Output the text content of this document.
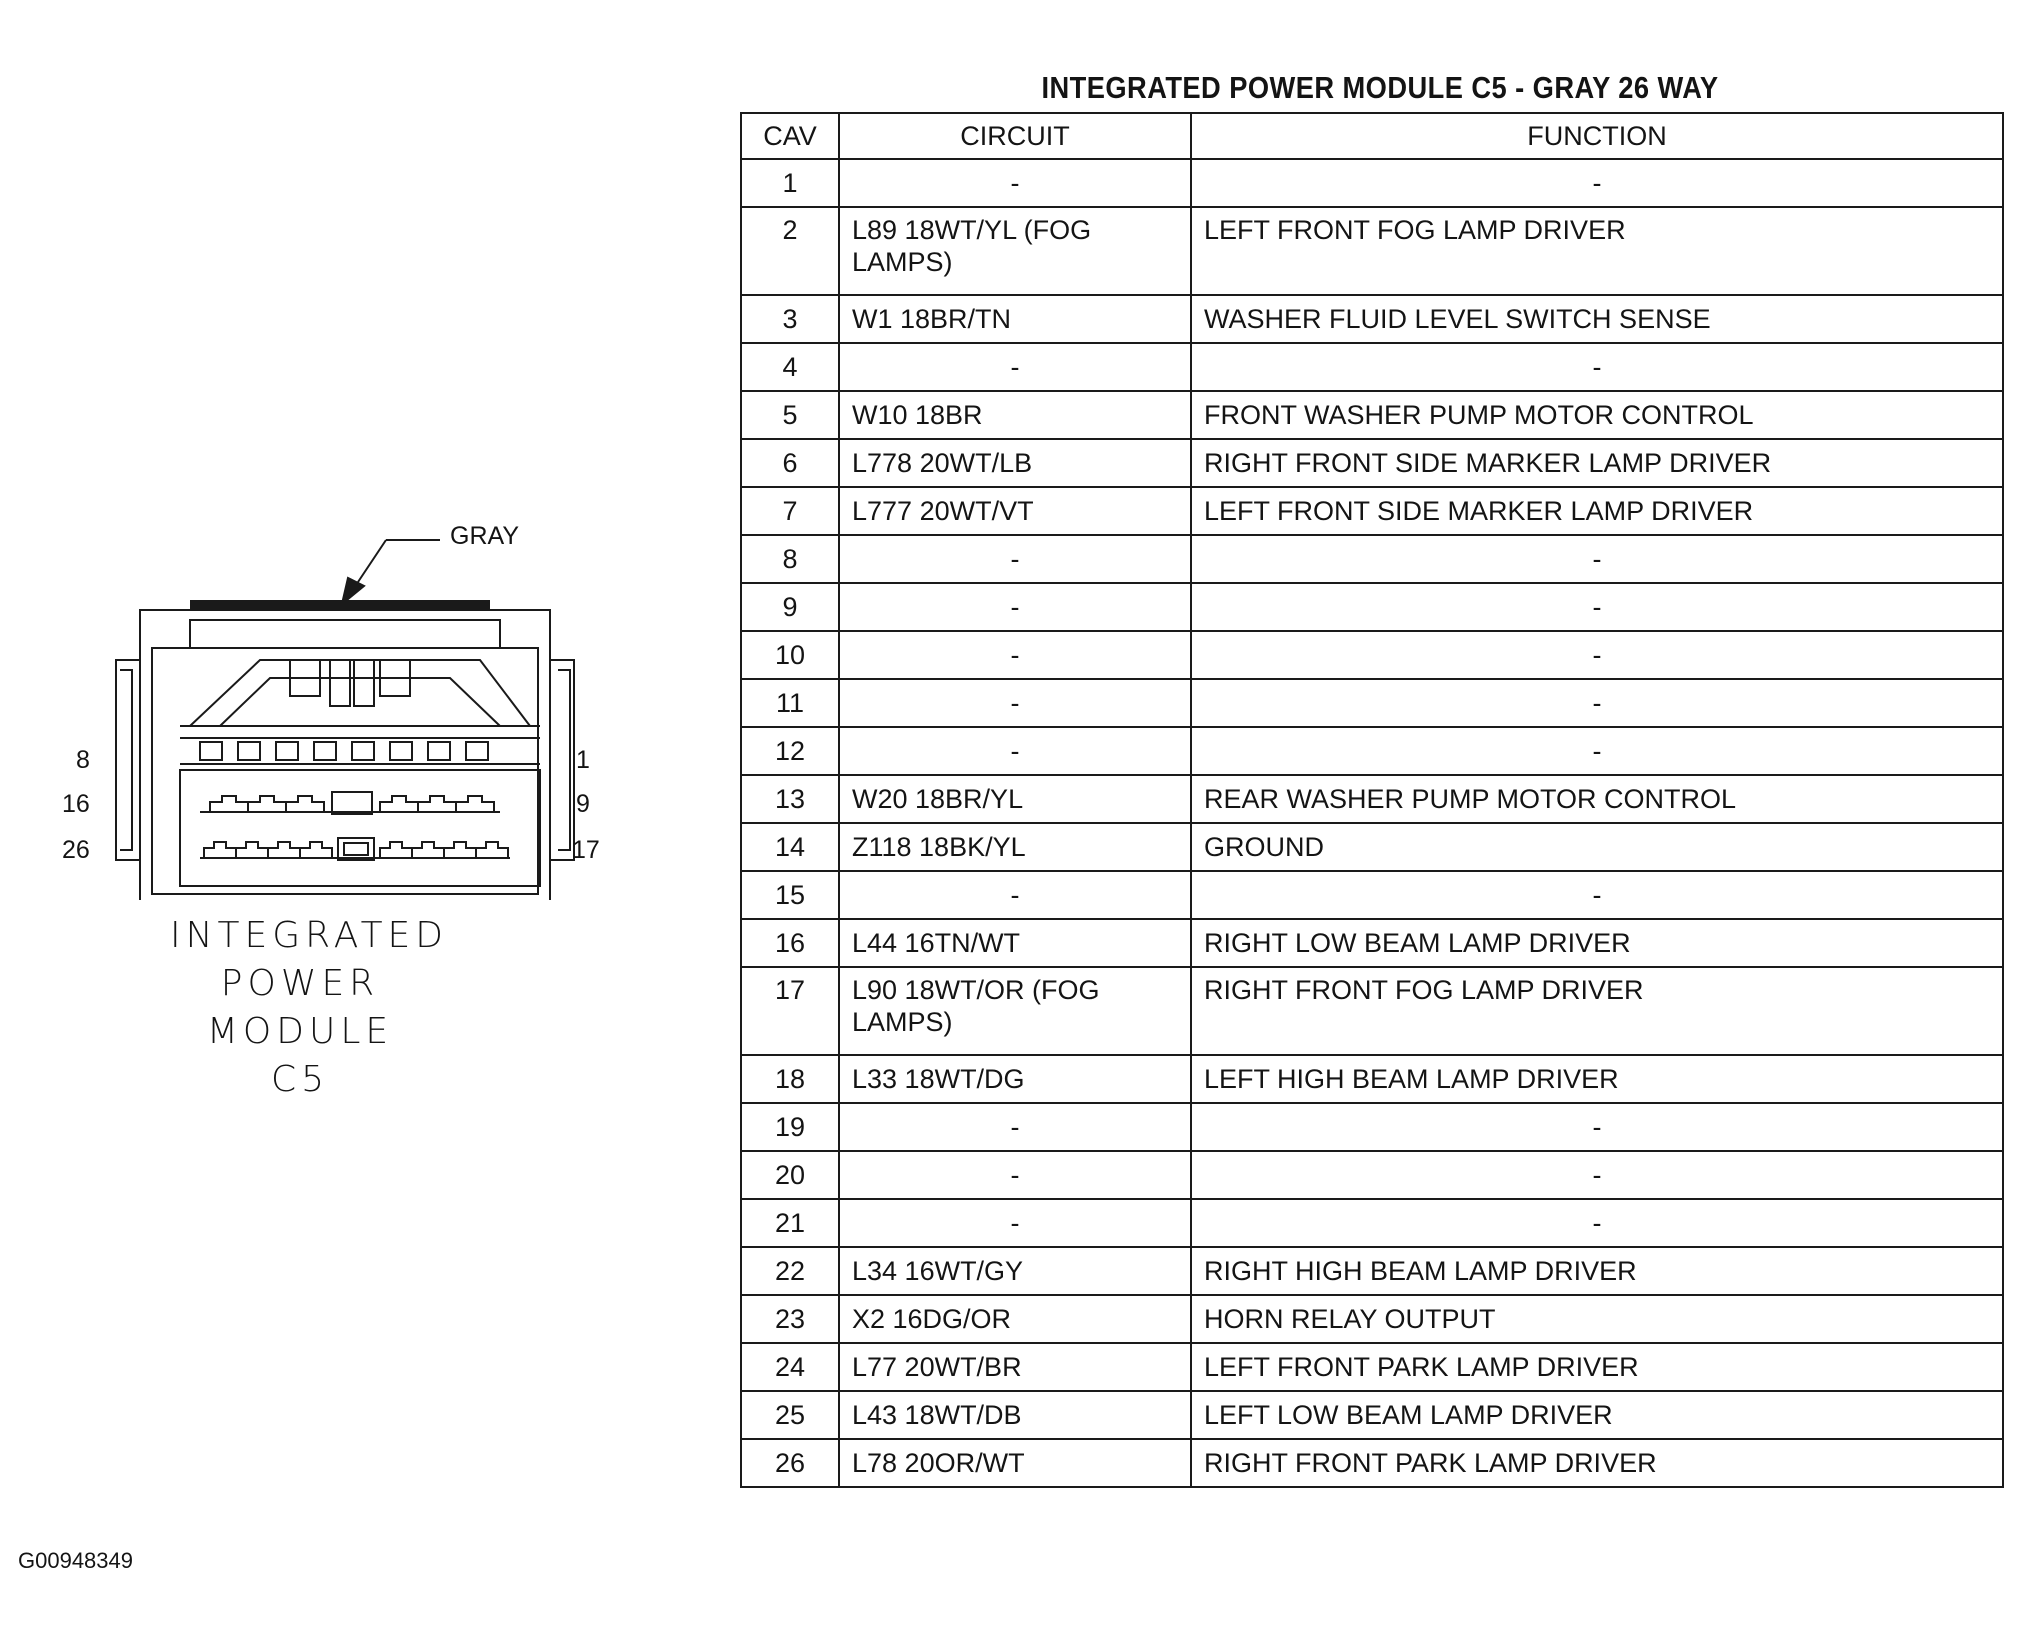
INTEGRATED POWER MODULE C5 - GRAY 26 WAY
CAV	CIRCUIT	FUNCTION
1	-	-
2	L89 18WT/YL (FOG LAMPS)	LEFT FRONT FOG LAMP DRIVER
3	W1 18BR/TN	WASHER FLUID LEVEL SWITCH SENSE
4	-	-
5	W10 18BR	FRONT WASHER PUMP MOTOR CONTROL
6	L778 20WT/LB	RIGHT FRONT SIDE MARKER LAMP DRIVER
7	L777 20WT/VT	LEFT FRONT SIDE MARKER LAMP DRIVER
8	-	-
9	-	-
10	-	-
11	-	-
12	-	-
13	W20 18BR/YL	REAR WASHER PUMP MOTOR CONTROL
14	Z118 18BK/YL	GROUND
15	-	-
16	L44 16TN/WT	RIGHT LOW BEAM LAMP DRIVER
17	L90 18WT/OR (FOG LAMPS)	RIGHT FRONT FOG LAMP DRIVER
18	L33 18WT/DG	LEFT HIGH BEAM LAMP DRIVER
19	-	-
20	-	-
21	-	-
22	L34 16WT/GY	RIGHT HIGH BEAM LAMP DRIVER
23	X2 16DG/OR	HORN RELAY OUTPUT
24	L77 20WT/BR	LEFT FRONT PARK LAMP DRIVER
25	L43 18WT/DB	LEFT LOW BEAM LAMP DRIVER
26	L78 20OR/WT	RIGHT FRONT PARK LAMP DRIVER
GRAY
8
16
26
1
9
17
INTEGRATED
POWER
MODULE C5
G00948349
